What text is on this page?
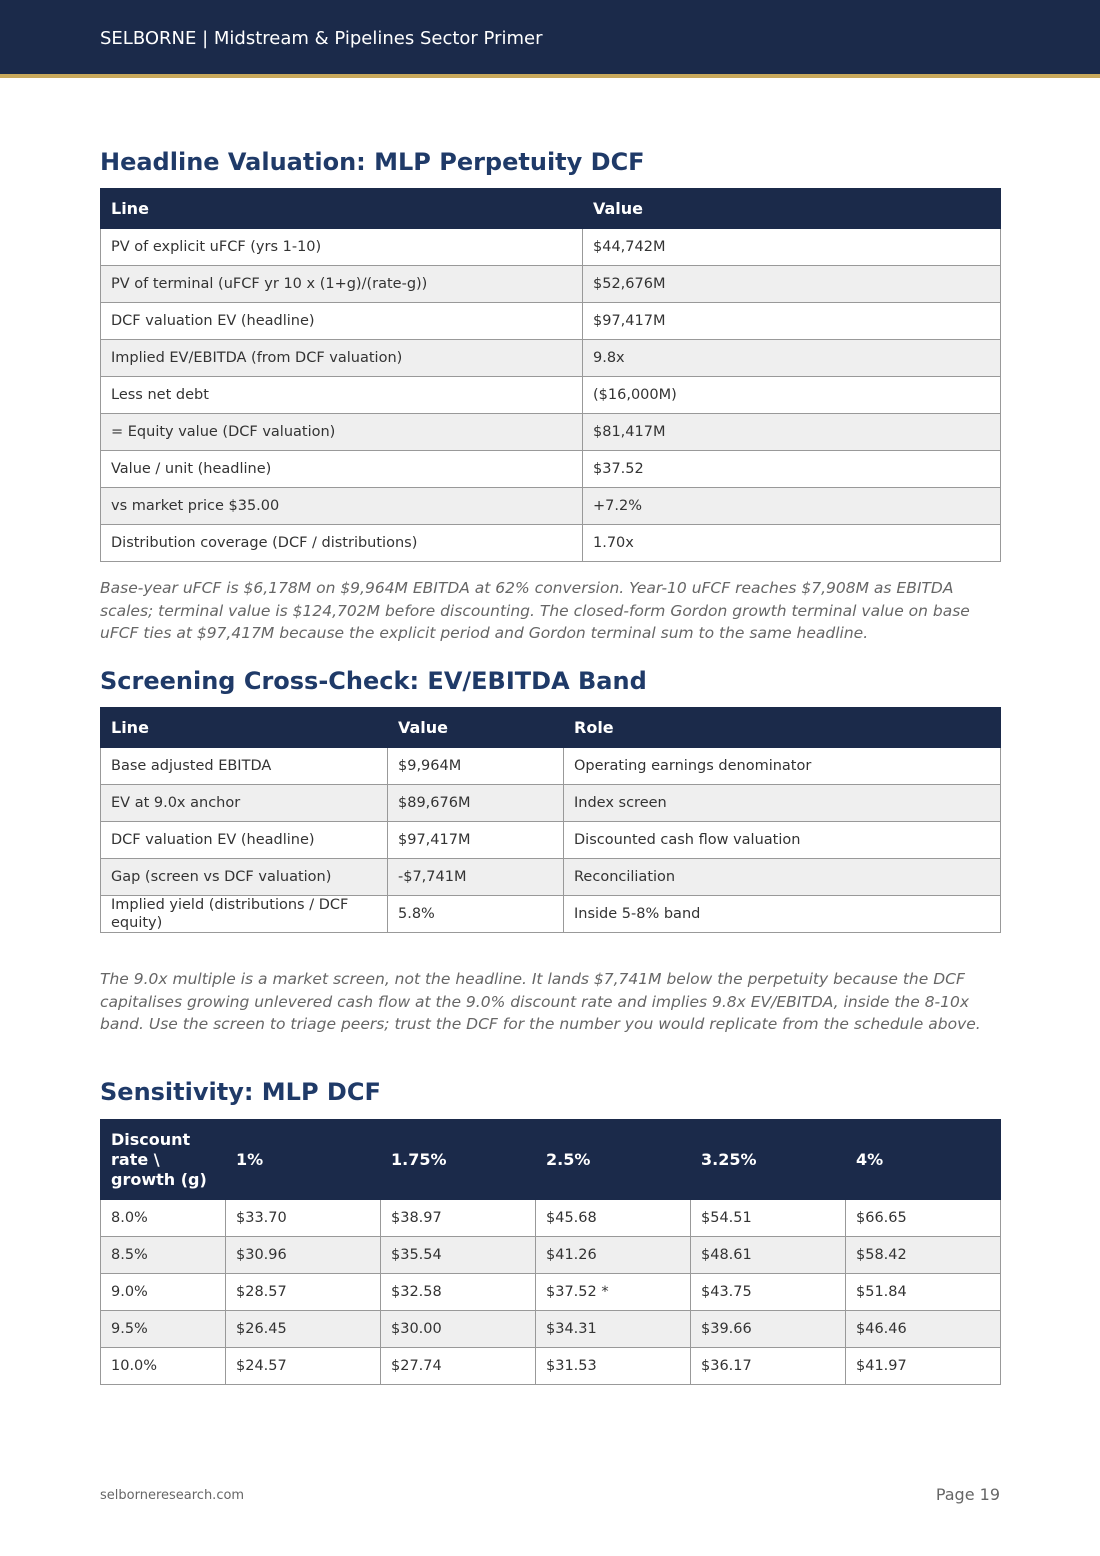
SELBORNE | Midstream & Pipelines Sector Primer
Headline Valuation: MLP Perpetuity DCF
Line	Value
PV of explicit uFCF (yrs 1-10)	$44,742M
PV of terminal (uFCF yr 10 x (1+g)/(rate-g))	$52,676M
DCF valuation EV (headline)	$97,417M
Implied EV/EBITDA (from DCF valuation)	9.8x
Less net debt	($16,000M)
= Equity value (DCF valuation)	$81,417M
Value / unit (headline)	$37.52
vs market price $35.00	+7.2%
Distribution coverage (DCF / distributions)	1.70x

Base-year uFCF is $6,178M on $9,964M EBITDA at 62% conversion. Year-10 uFCF reaches $7,908M as EBITDA scales; terminal value is $124,702M before discounting. The closed-form Gordon growth terminal value on base uFCF ties at $97,417M because the explicit period and Gordon terminal sum to the same headline.

Screening Cross-Check: EV/EBITDA Band
Line	Value	Role
Base adjusted EBITDA	$9,964M	Operating earnings denominator
EV at 9.0x anchor	$89,676M	Index screen
DCF valuation EV (headline)	$97,417M	Discounted cash flow valuation
Gap (screen vs DCF valuation)	-$7,741M	Reconciliation
Implied yield (distributions / DCF equity)	5.8%	Inside 5-8% band

The 9.0x multiple is a market screen, not the headline. It lands $7,741M below the perpetuity because the DCF capitalises growing unlevered cash flow at the 9.0% discount rate and implies 9.8x EV/EBITDA, inside the 8-10x band. Use the screen to triage peers; trust the DCF for the number you would replicate from the schedule above.

Sensitivity: MLP DCF
Discount rate \ growth (g)	1%	1.75%	2.5%	3.25%	4%
8.0%	$33.70	$38.97	$45.68	$54.51	$66.65
8.5%	$30.96	$35.54	$41.26	$48.61	$58.42
9.0%	$28.57	$32.58	$37.52 *	$43.75	$51.84
9.5%	$26.45	$30.00	$34.31	$39.66	$46.46
10.0%	$24.57	$27.74	$31.53	$36.17	$41.97
selborneresearch.com	Page 19
